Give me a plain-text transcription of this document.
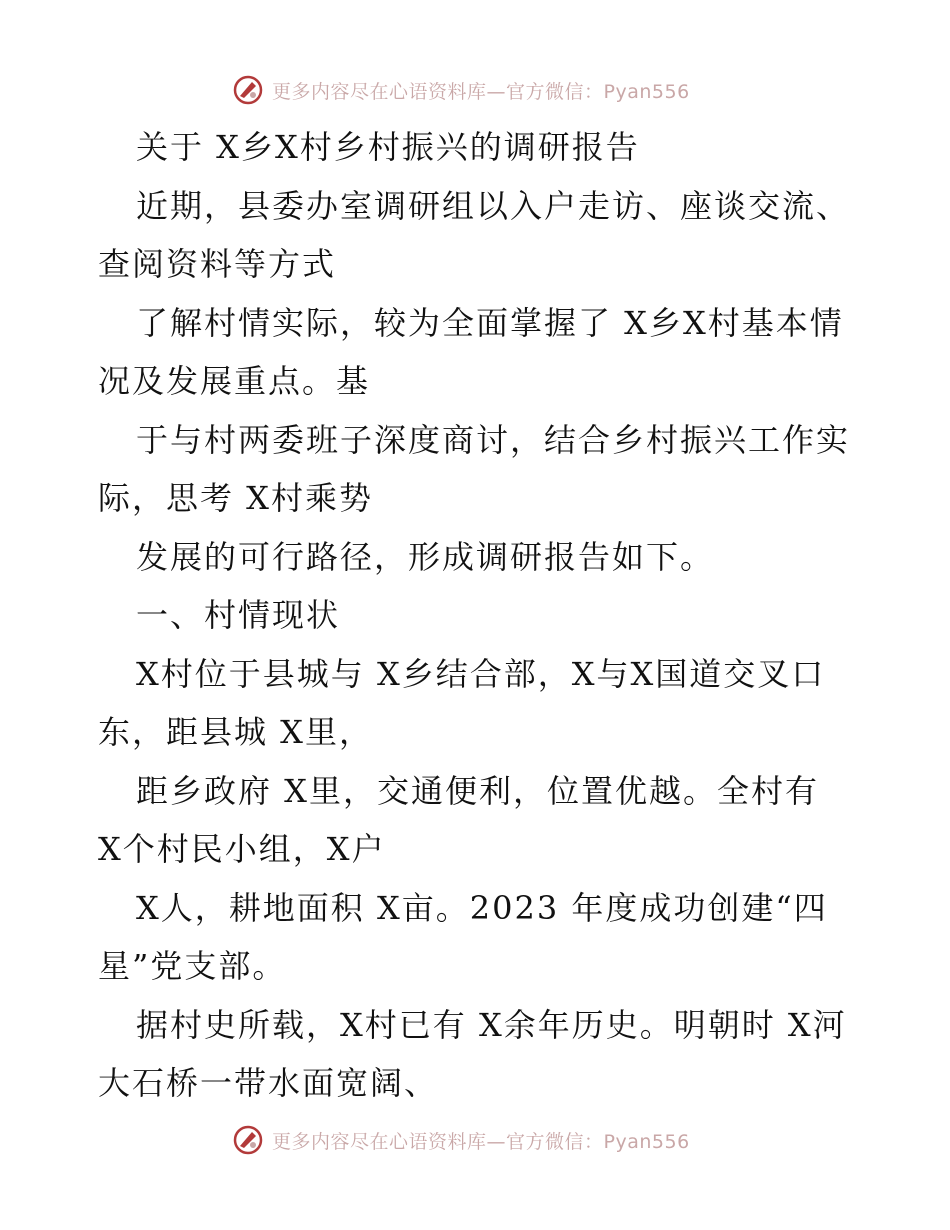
更多内容尽在心语资料库—官方微信：Pyan556
关于 X乡X村乡村振兴的调研报告
近期，县委办室调研组以入户走访、座谈交流、
查阅资料等方式
了解村情实际，较为全面掌握了 X乡X村基本情
况及发展重点。基
于与村两委班子深度商讨，结合乡村振兴工作实
际，思考 X村乘势
发展的可行路径，形成调研报告如下。
一、村情现状
X村位于县城与 X乡结合部，X与X国道交叉口
东，距县城 X里，
距乡政府 X里，交通便利，位置优越。全村有
X个村民小组，X户
X人，耕地面积 X亩。2023 年度成功创建“四
星”党支部。
据村史所载，X村已有 X余年历史。明朝时 X河
大石桥一带水面宽阔、
更多内容尽在心语资料库—官方微信：Pyan556
